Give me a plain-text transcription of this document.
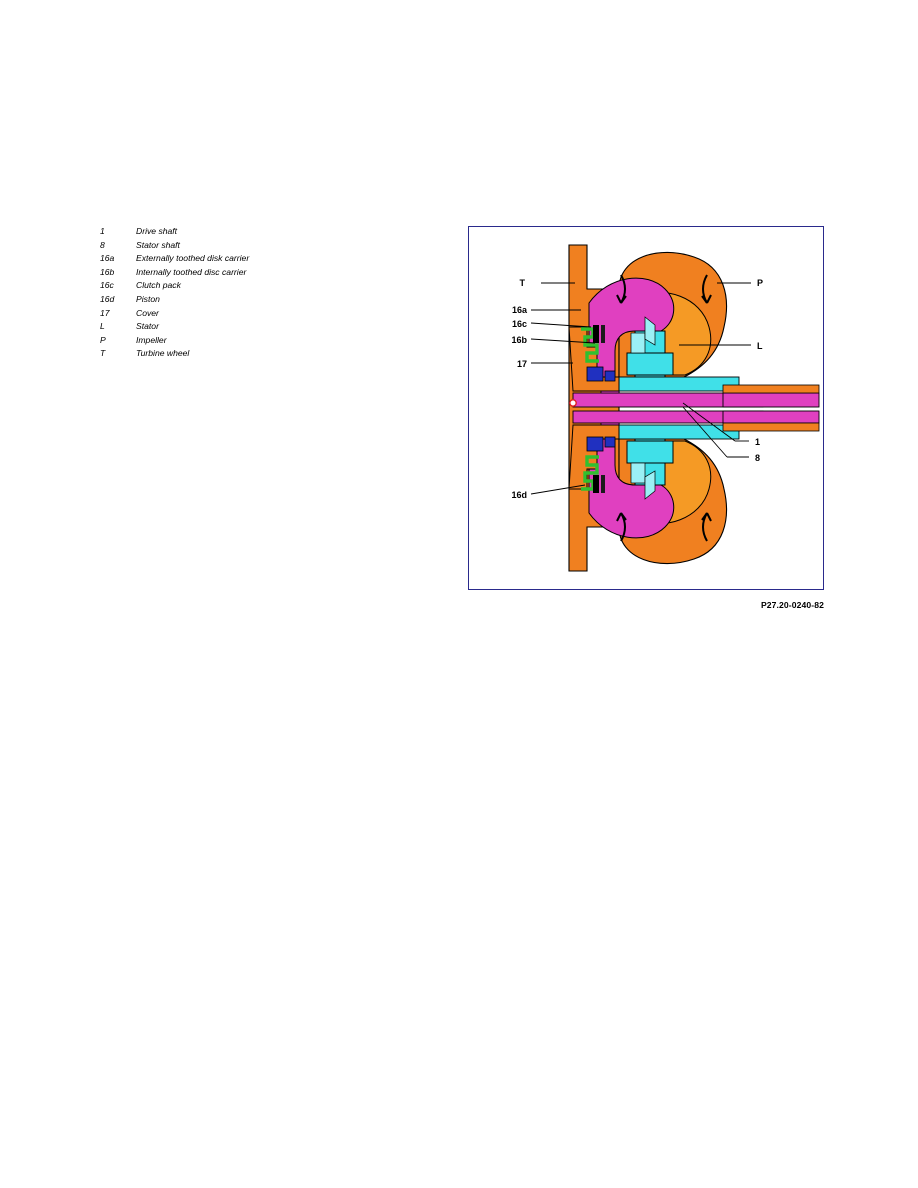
1	Drive shaft
8	Stator shaft
16a	Externally toothed disk carrier
16b	Internally toothed disc carrier
16c	Clutch pack
16d	Piston
17	Cover
L	Stator
P	Impeller
T	Turbine wheel
T
16a
16c
16b
17
16d
P
L
1
8
P27.20-0240-82
